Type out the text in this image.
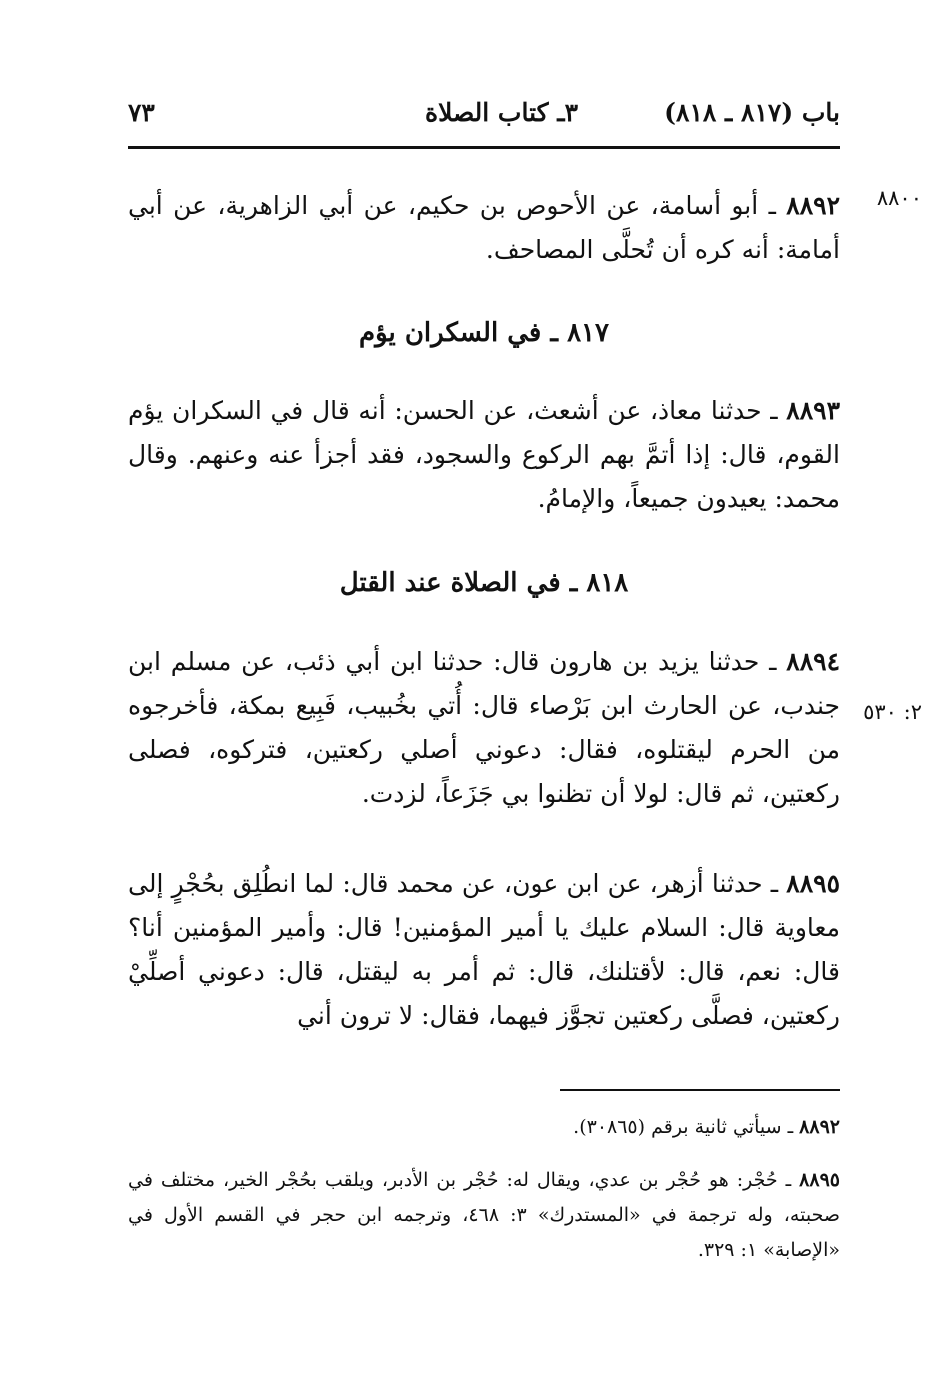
باب (٨١٧ ـ ٨١٨)
٣ـ كتاب الصلاة
٧٣
٨٨٠٠
٨٨٩٢ ـ أبو أسامة، عن الأحوص بن حكيم، عن أبي الزاهرية، عن أبي أمامة: أنه كره أن تُحلَّى المصاحف.
٨١٧ ـ في السكران يؤم
٨٨٩٣ ـ حدثنا معاذ، عن أشعث، عن الحسن: أنه قال في السكران يؤم القوم، قال: إذا أتمَّ بهم الركوع والسجود، فقد أجزأ عنه وعنهم. وقال محمد: يعيدون جميعاً، والإمامُ.
٨١٨ ـ في الصلاة عند القتل
٢: ٥٣٠
٨٨٩٤ ـ حدثنا يزيد بن هارون قال: حدثنا ابن أبي ذئب، عن مسلم ابن جندب، عن الحارث ابن بَرْصاء قال: أُتي بخُبيب، فَبِيع بمكة، فأخرجوه من الحرم ليقتلوه، فقال: دعوني أصلي ركعتين، فتركوه، فصلى ركعتين، ثم قال: لولا أن تظنوا بي جَزَعاً، لزدت.
٨٨٩٥ ـ حدثنا أزهر، عن ابن عون، عن محمد قال: لما انطُلِق بحُجْرٍ إلى معاوية قال: السلام عليك يا أمير المؤمنين! قال: وأمير المؤمنين أنا؟ قال: نعم، قال: لأقتلنك، قال: ثم أمر به ليقتل، قال: دعوني أصلِّيْ ركعتين، فصلَّى ركعتين تجوَّز فيهما، فقال: لا ترون أني
٨٨٩٢ ـ سيأتي ثانية برقم (٣٠٨٦٥).
٨٨٩٥ ـ حُجْر: هو حُجْر بن عدي، ويقال له: حُجْر بن الأدبر، ويلقب بحُجْر الخير، مختلف في صحبته، وله ترجمة في «المستدرك» ٣: ٤٦٨، وترجمه ابن حجر في القسم الأول في «الإصابة» ١: ٣٢٩.
